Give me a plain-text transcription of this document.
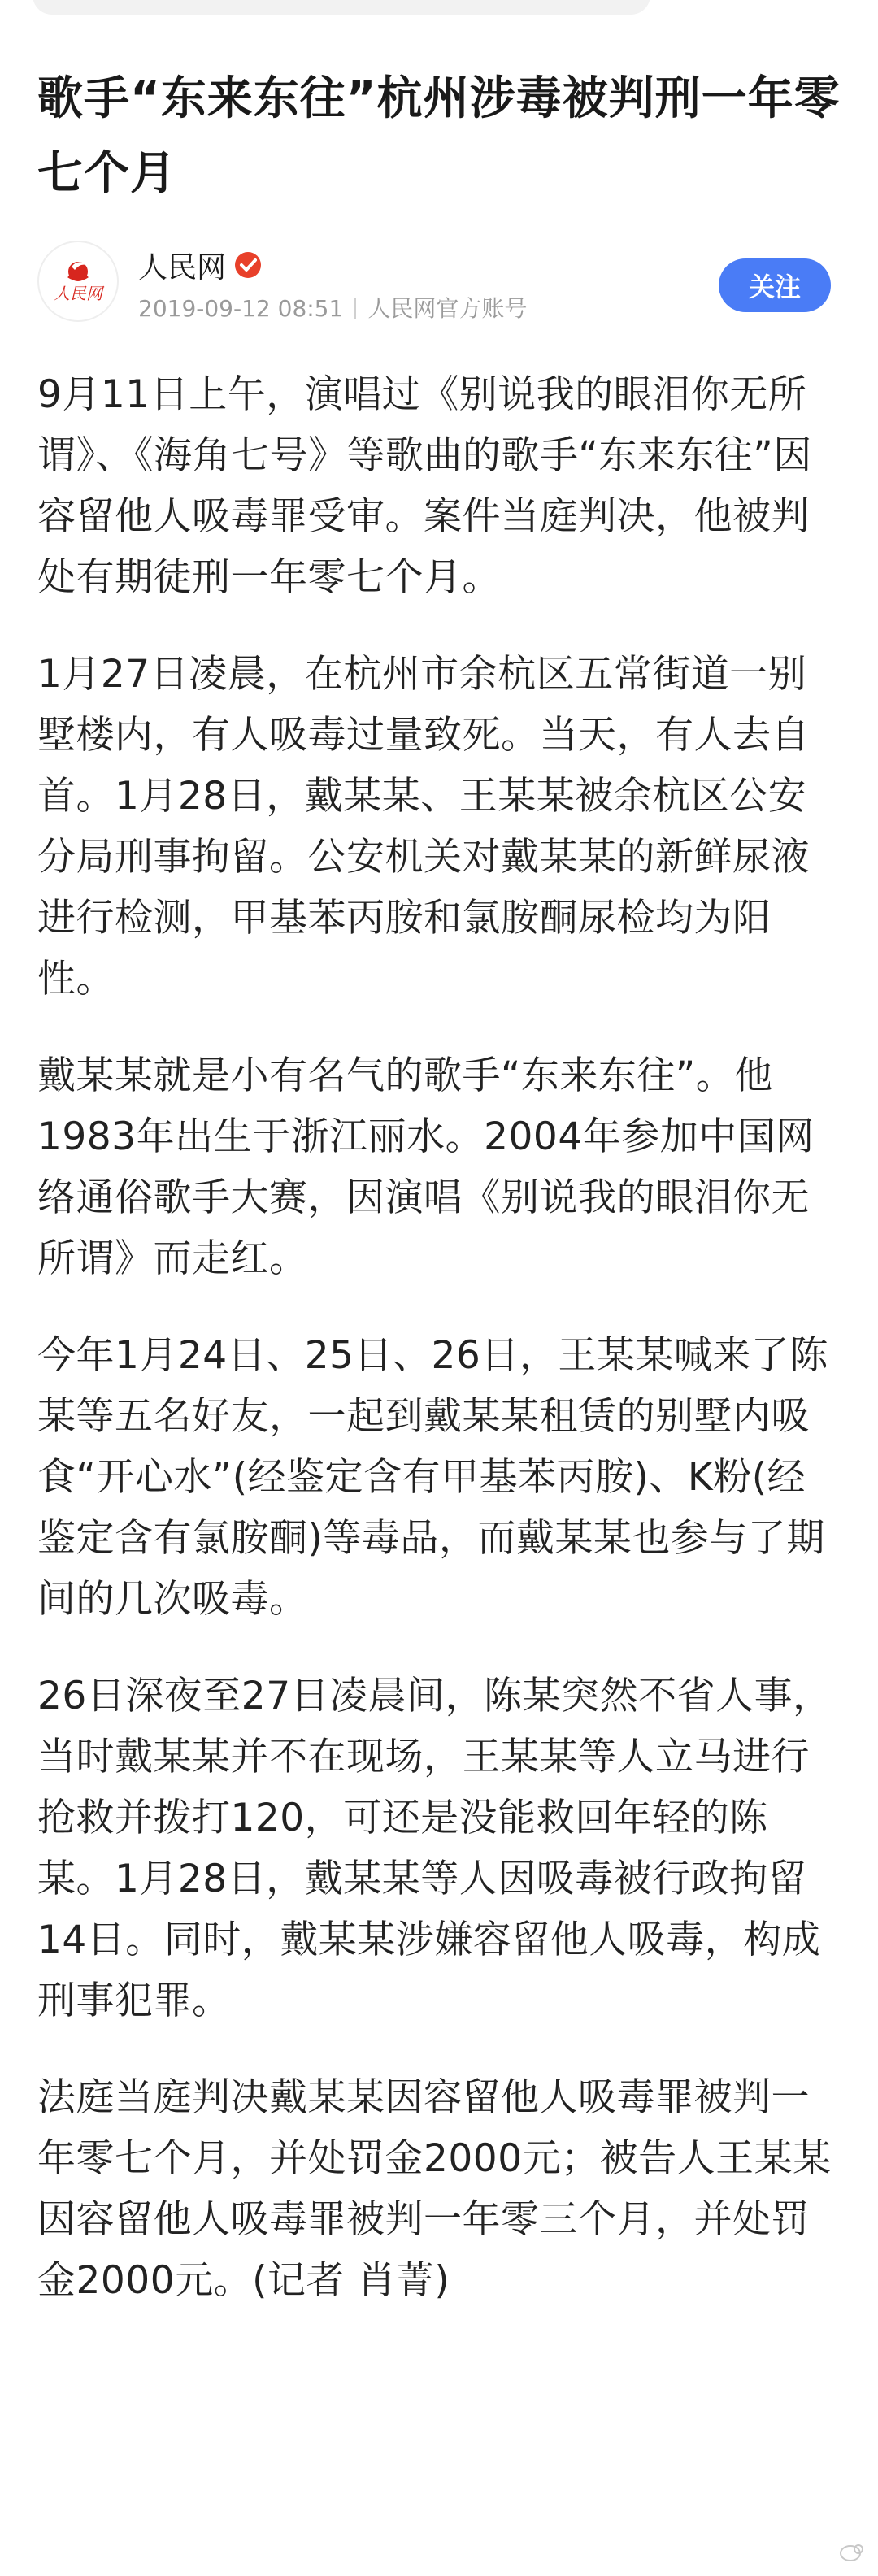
歌手“东来东往”杭州涉毒被判刑一年零七个月
人民网
人民网
2019-09-12 08:51 人民网官方账号
关注

9月11日上午，演唱过《别说我的眼泪你无所谓》、《海角七号》等歌曲的歌手“东来东往”因容留他人吸毒罪受审。案件当庭判决，他被判处有期徒刑一年零七个月。

1月27日凌晨，在杭州市余杭区五常街道一别墅楼内，有人吸毒过量致死。当天，有人去自首。1月28日，戴某某、王某某被余杭区公安分局刑事拘留。公安机关对戴某某的新鲜尿液进行检测，甲基苯丙胺和氯胺酮尿检均为阳性。

戴某某就是小有名气的歌手“东来东往”。他1983年出生于浙江丽水。2004年参加中国网络通俗歌手大赛，因演唱《别说我的眼泪你无所谓》而走红。

今年1月24日、25日、26日，王某某喊来了陈某等五名好友，一起到戴某某租赁的别墅内吸食“开心水”(经鉴定含有甲基苯丙胺)、K粉(经鉴定含有氯胺酮)等毒品，而戴某某也参与了期间的几次吸毒。

26日深夜至27日凌晨间，陈某突然不省人事，当时戴某某并不在现场，王某某等人立马进行抢救并拨打120，可还是没能救回年轻的陈某。1月28日，戴某某等人因吸毒被行政拘留14日。同时，戴某某涉嫌容留他人吸毒，构成刑事犯罪。

法庭当庭判决戴某某因容留他人吸毒罪被判一年零七个月，并处罚金2000元；被告人王某某因容留他人吸毒罪被判一年零三个月，并处罚金2000元。(记者 肖菁)
